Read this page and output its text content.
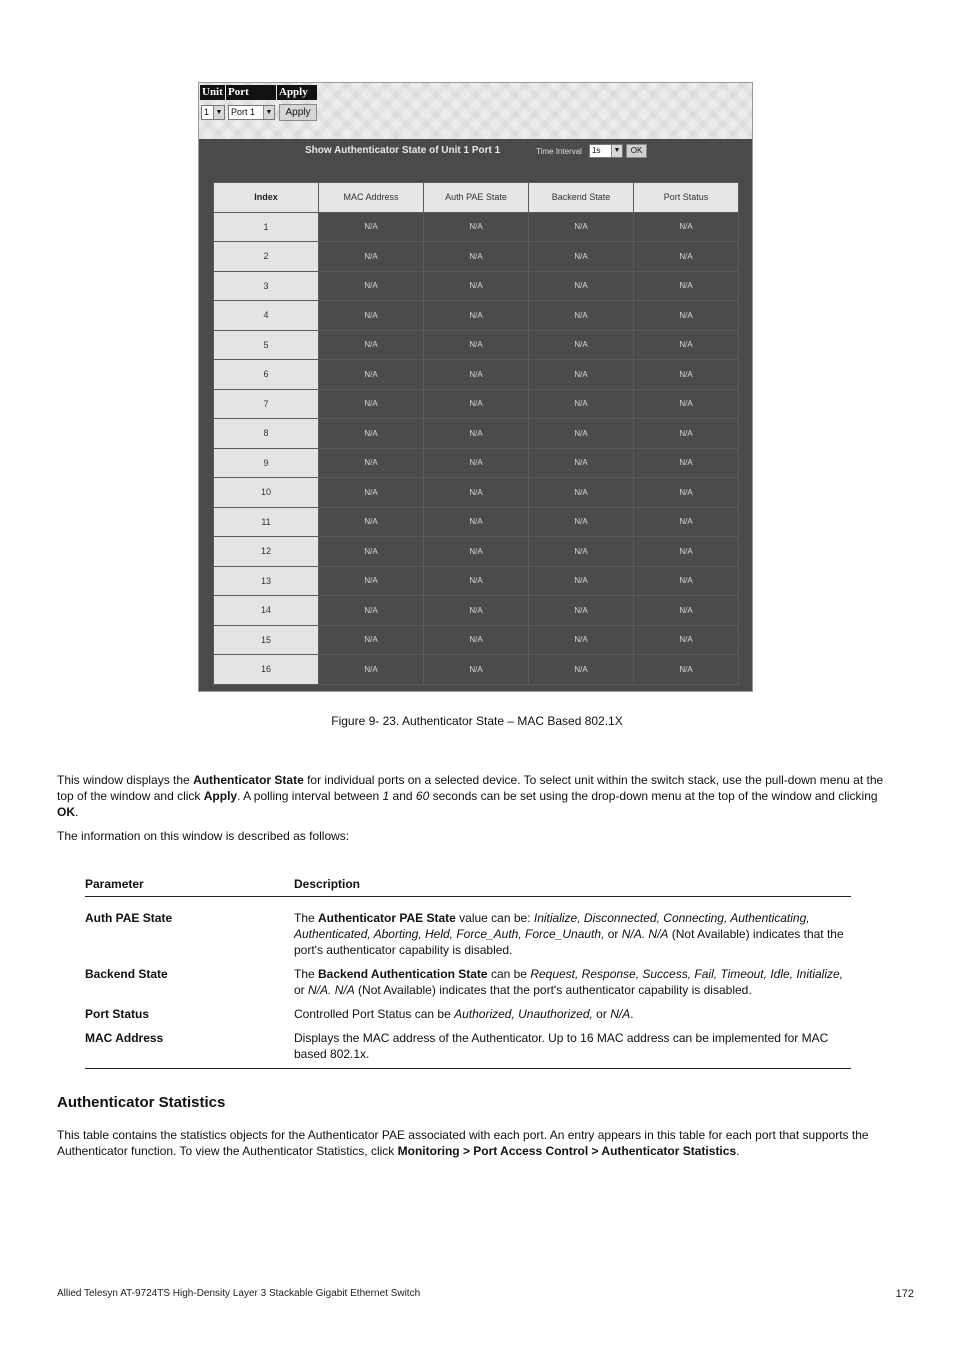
Unit Port	Apply
1 ▼ Port 1	▼	Apply
Show Authenticator State of Unit 1 Port 1	Time Interval	1s	▼	OK
Index	MAC Address	Auth PAE State	Backend State	Port Status
1	N/A	N/A	N/A	N/A
2	N/A	N/A	N/A	N/A
3	N/A	N/A	N/A	N/A
4	N/A	N/A	N/A	N/A
5	N/A	N/A	N/A	N/A
6	N/A	N/A	N/A	N/A
7	N/A	N/A	N/A	N/A
8	N/A	N/A	N/A	N/A
9	N/A	N/A	N/A	N/A
10	N/A	N/A	N/A	N/A
11	N/A	N/A	N/A	N/A
12	N/A	N/A	N/A	N/A
13	N/A	N/A	N/A	N/A
14	N/A	N/A	N/A	N/A
15	N/A	N/A	N/A	N/A
16	N/A	N/A	N/A	N/A
Figure 9- 23. Authenticator State – MAC Based 802.1X

This window displays the Authenticator State for individual ports on a selected device. To select unit within the switch stack, use the pull-down menu at the top of the window and click Apply. A polling interval between 1 and 60 seconds can be set using the drop-down menu at the top of the window and clicking OK.

The information on this window is described as follows:

Parameter	Description
Auth PAE State	The Authenticator PAE State value can be: Initialize, Disconnected, Connecting, Authenticating, Authenticated, Aborting, Held, Force_Auth, Force_Unauth, or N/A. N/A (Not Available) indicates that the port's authenticator capability is disabled.
Backend State	The Backend Authentication State can be Request, Response, Success, Fail, Timeout, Idle, Initialize, or N/A. N/A (Not Available) indicates that the port's authenticator capability is disabled.
Port Status	Controlled Port Status can be Authorized, Unauthorized, or N/A.
MAC Address	Displays the MAC address of the Authenticator. Up to 16 MAC address can be implemented for MAC based 802.1x.
Authenticator Statistics

This table contains the statistics objects for the Authenticator PAE associated with each port. An entry appears in this table for each port that supports the Authenticator function. To view the Authenticator Statistics, click Monitoring > Port Access Control > Authenticator Statistics.

Allied Telesyn AT-9724TS High-Density Layer 3 Stackable Gigabit Ethernet Switch	172
